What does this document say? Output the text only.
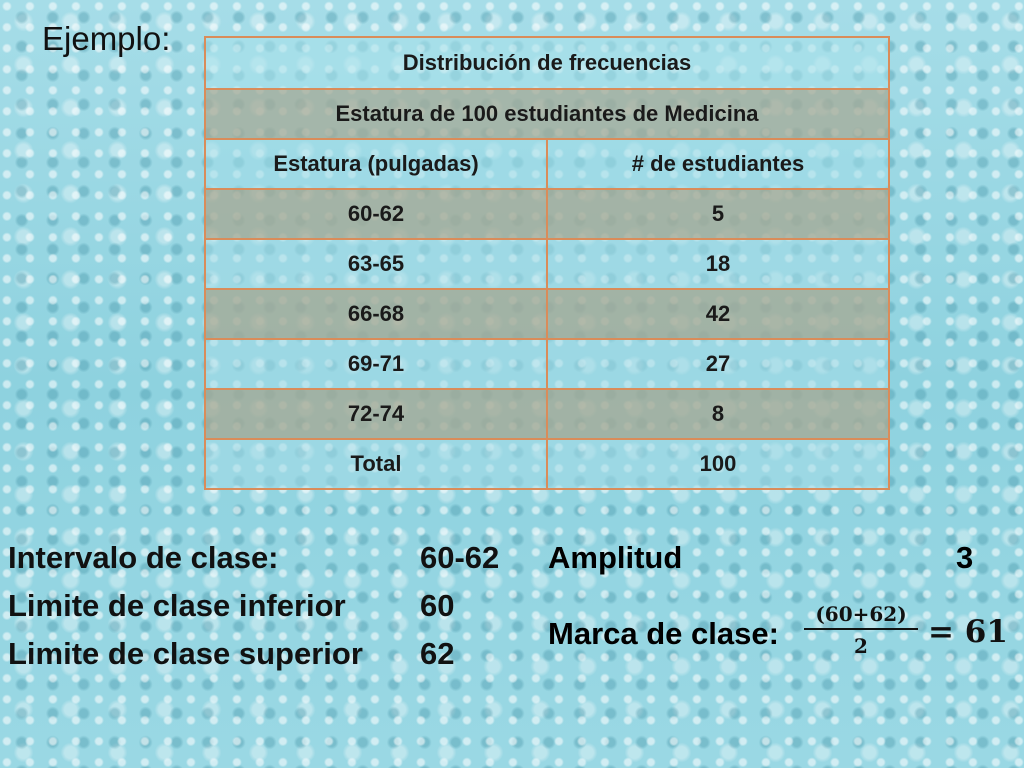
Ejemplo:
Distribución de frecuencias	
Estatura de 100 estudiantes de Medicina	
Estatura (pulgadas)	# de estudiantes
60-62	5
63-65	18
66-68	42
69-71	27
72-74	8
Total	100
Intervalo de clase:	60-62
Limite de clase inferior 60
Limite de clase superior 62
Amplitud	3
Marca de clase: $\frac{(60+62)}{2} = 61$
